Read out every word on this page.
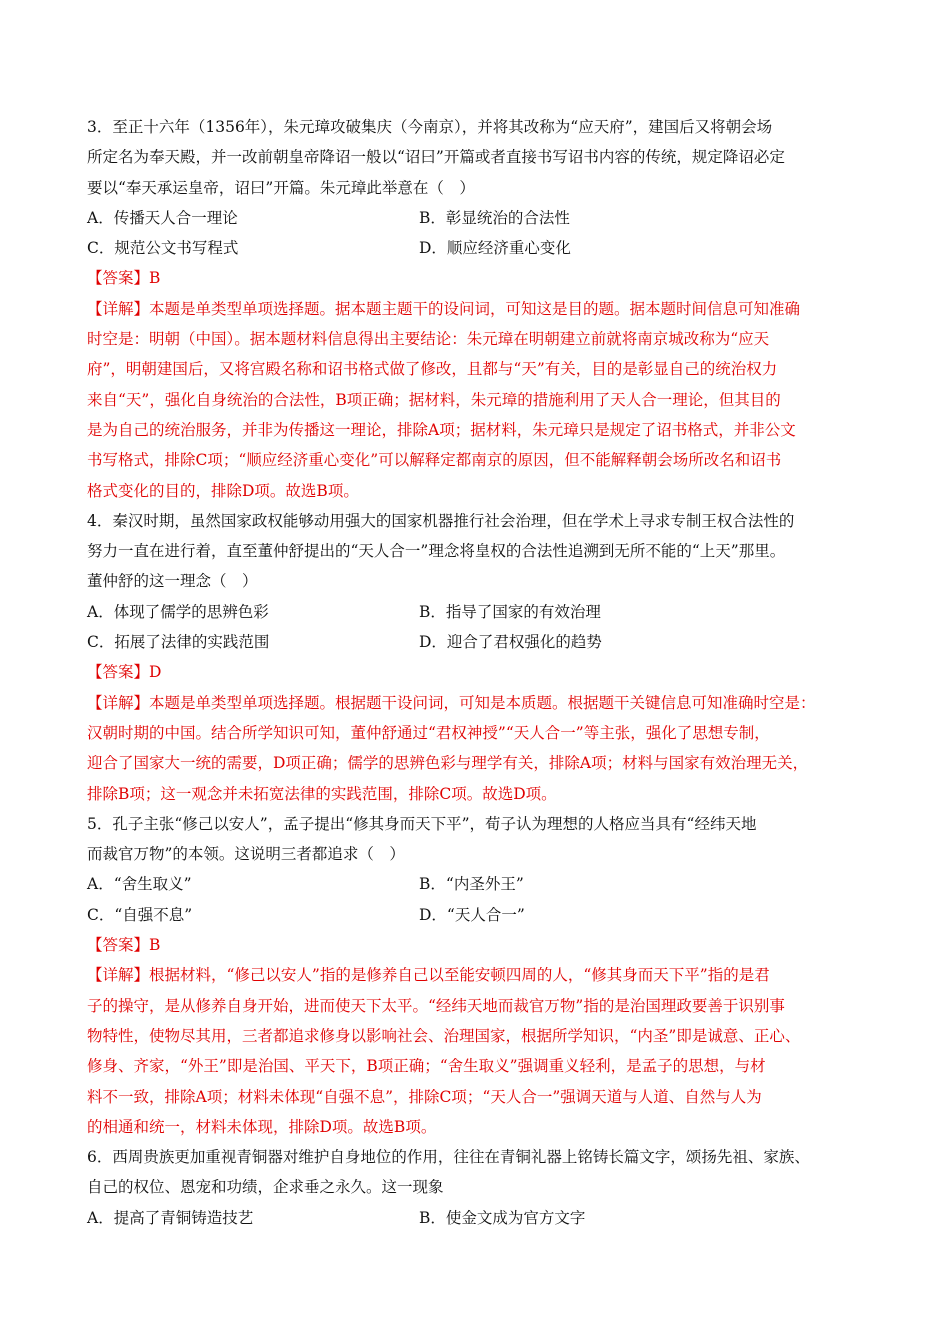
3．至正十六年（1356年），朱元璋攻破集庆（今南京），并将其改称为“应天府”，建国后又将朝会场
所定名为奉天殿，并一改前朝皇帝降诏一般以“诏曰”开篇或者直接书写诏书内容的传统，规定降诏必定
要以“奉天承运皇帝，诏曰”开篇。朱元璋此举意在（　）
A．传播天人合一理论	B．彰显统治的合法性
C．规范公文书写程式	D．顺应经济重心变化
【答案】B
【详解】本题是单类型单项选择题。据本题主题干的设问词，可知这是目的题。据本题时间信息可知准确
时空是：明朝（中国）。据本题材料信息得出主要结论：朱元璋在明朝建立前就将南京城改称为“应天
府”，明朝建国后，又将宫殿名称和诏书格式做了修改，且都与“天”有关，目的是彰显自己的统治权力
来自“天”，强化自身统治的合法性，B项正确；据材料，朱元璋的措施利用了天人合一理论，但其目的
是为自己的统治服务，并非为传播这一理论，排除A项；据材料，朱元璋只是规定了诏书格式，并非公文
书写格式，排除C项；“顺应经济重心变化”可以解释定都南京的原因，但不能解释朝会场所改名和诏书
格式变化的目的，排除D项。故选B项。
4．秦汉时期，虽然国家政权能够动用强大的国家机器推行社会治理，但在学术上寻求专制王权合法性的
努力一直在进行着，直至董仲舒提出的“天人合一”理念将皇权的合法性追溯到无所不能的“上天”那里。
董仲舒的这一理念（　）
A．体现了儒学的思辨色彩	B．指导了国家的有效治理
C．拓展了法律的实践范围	D．迎合了君权强化的趋势
【答案】D
【详解】本题是单类型单项选择题。根据题干设问词，可知是本质题。根据题干关键信息可知准确时空是：
汉朝时期的中国。结合所学知识可知，董仲舒通过“君权神授”“天人合一”等主张，强化了思想专制，
迎合了国家大一统的需要，D项正确；儒学的思辨色彩与理学有关，排除A项；材料与国家有效治理无关，
排除B项；这一观念并未拓宽法律的实践范围，排除C项。故选D项。
5．孔子主张“修己以安人”，孟子提出“修其身而天下平”，荀子认为理想的人格应当具有“经纬天地
而裁官万物”的本领。这说明三者都追求（　）
A．“舍生取义”	B．“内圣外王”
C．“自强不息”	D．“天人合一”
【答案】B
【详解】根据材料，“修己以安人”指的是修养自己以至能安顿四周的人，“修其身而天下平”指的是君
子的操守，是从修养自身开始，进而使天下太平。“经纬天地而裁官万物”指的是治国理政要善于识别事
物特性，使物尽其用，三者都追求修身以影响社会、治理国家，根据所学知识，“内圣”即是诚意、正心、
修身、齐家，“外王”即是治国、平天下，B项正确；“舍生取义”强调重义轻利，是孟子的思想，与材
料不一致，排除A项；材料未体现“自强不息”，排除C项；“天人合一”强调天道与人道、自然与人为
的相通和统一，材料未体现，排除D项。故选B项。
6．西周贵族更加重视青铜器对维护自身地位的作用，往往在青铜礼器上铭铸长篇文字，颂扬先祖、家族、
自己的权位、恩宠和功绩，企求垂之永久。这一现象
A．提高了青铜铸造技艺	B．使金文成为官方文字
